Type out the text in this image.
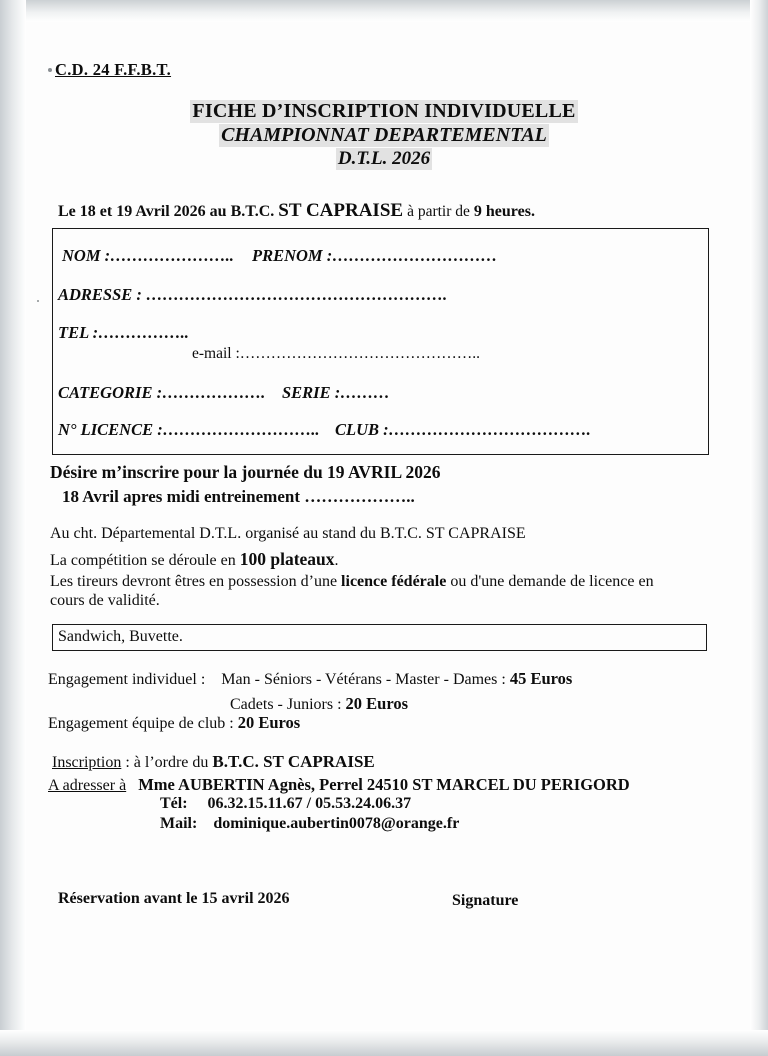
C.D. 24 F.F.B.T.
FICHE D’INSCRIPTION INDIVIDUELLE
CHAMPIONNAT DEPARTEMENTAL
D.T.L. 2026
Le 18 et 19 Avril 2026 au B.T.C. ST CAPRAISE à partir de 9 heures.
NOM :………………….. PRENOM :…………………………
ADRESSE : ……………………………………………….
TEL :……………..
e-mail :………………………………………..
CATEGORIE :………………. SERIE :………
N° LICENCE :……………………….. CLUB :……………………………….
Désire m’inscrire pour la journée du 19 AVRIL 2026
18 Avril apres midi entreinement ………………..
Au cht. Départemental D.T.L. organisé au stand du B.T.C. ST CAPRAISE
La compétition se déroule en 100 plateaux.
Les tireurs devront êtres en possession d’une licence fédérale ou d'une demande de licence en
cours de validité.
Sandwich, Buvette.
Engagement individuel : Man - Séniors - Vétérans - Master - Dames : 45 Euros
Cadets - Juniors : 20 Euros
Engagement équipe de club : 20 Euros
Inscription : à l’ordre du B.T.C. ST CAPRAISE
A adresser à Mme AUBERTIN Agnès, Perrel 24510 ST MARCEL DU PERIGORD
Tél: 06.32.15.11.67 / 05.53.24.06.37
Mail: dominique.aubertin0078@orange.fr
Réservation avant le 15 avril 2026	Signature
